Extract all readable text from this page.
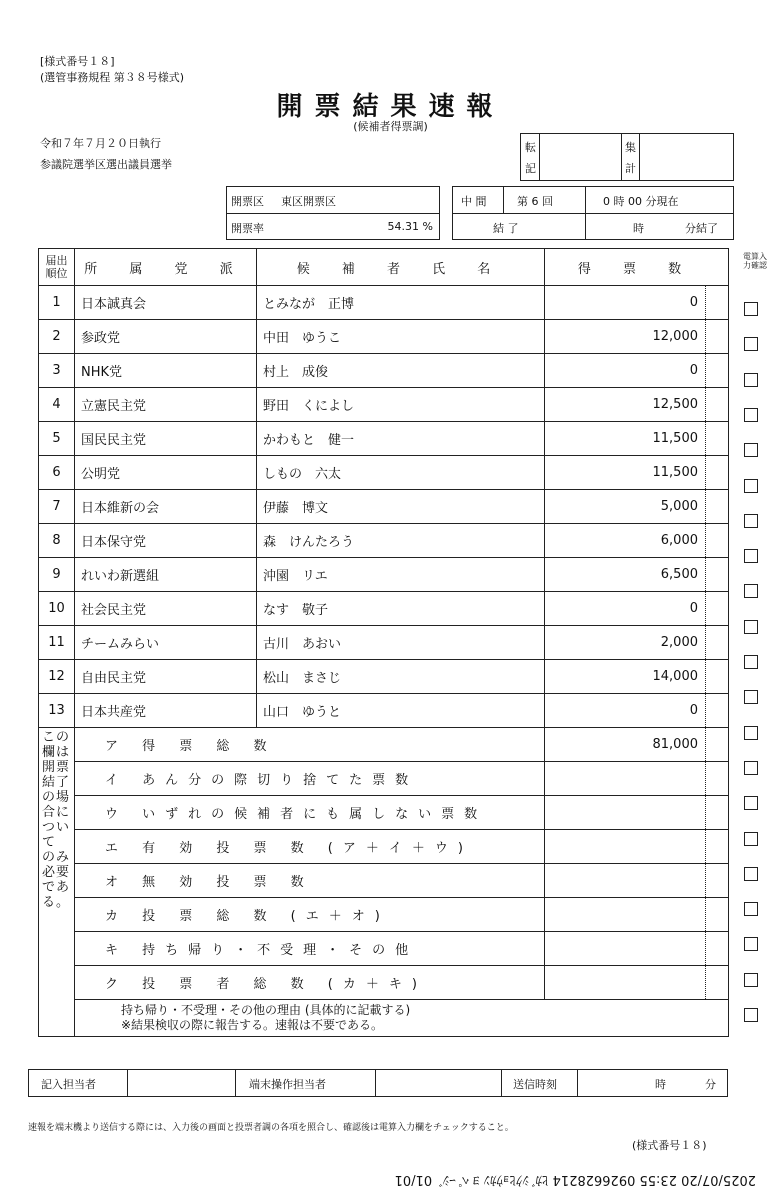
[様式番号１８]
(選管事務規程 第３８号様式)
開票結果速報
(候補者得票調)
令和７年７月２０日執行
参議院選挙区選出議員選挙
転
記
集
計
開票区 東区開票区
開票率	54.31 %
中 間	第 6 回	0 時 00 分現在
結 了	時	分結了
電算入力確認
届出順位	所 属 党 派	候 補 者 氏 名	得 票 数
1	日本誠真会	とみなが　正博	0
2	参政党	中田　ゆうこ	12,000
3	NHK党	村上　成俊	0
4	立憲民主党	野田　くによし	12,500
5	国民民主党	かわもと　健一	11,500
6	公明党	しもの　六太	11,500
7	日本維新の会	伊藤　博文	5,000
8	日本保守党	森　けんたろう	6,000
9	れいわ新選組	沖園　リエ	6,500
10	社会民主党	なす　敬子	0
11	チームみらい	古川　あおい	2,000
12	自由民主党	松山　まさじ	14,000
13	日本共産党	山口　ゆうと	0
この欄は開票結了の場合につい て のみ必要である。	ア 得 票 総 数		81,000
	イ あん分の際切り捨てた票数		

	ウ いずれの候補者にも属しない票数		

	エ 有 効 投 票 数 (ア＋イ＋ウ)		

	オ 無 効 投 票 数		

	カ 投 票 総 数 (エ＋オ)		

	キ 持ち帰り・不受理・その他		

	ク 投 票 者 総 数 (カ＋キ)		

	持ち帰り・不受理・その他の理由 (具体的に記載する)
※結果検収の際に報告する。速報は不要である。		
記入担当者	端末操作担当者	送信時刻	時	分
速報を端末機より送信する際には、入力後の画面と投票者調の各項を照合し、確認後は電算入力欄をチェックすること。
(様式番号１８)
2025/07/20 23:55 0926628214 ﾋｶﾞｼｸﾋｮｳｶﾝ ﾖ ﾍﾟｰｼﾞ 01/01
